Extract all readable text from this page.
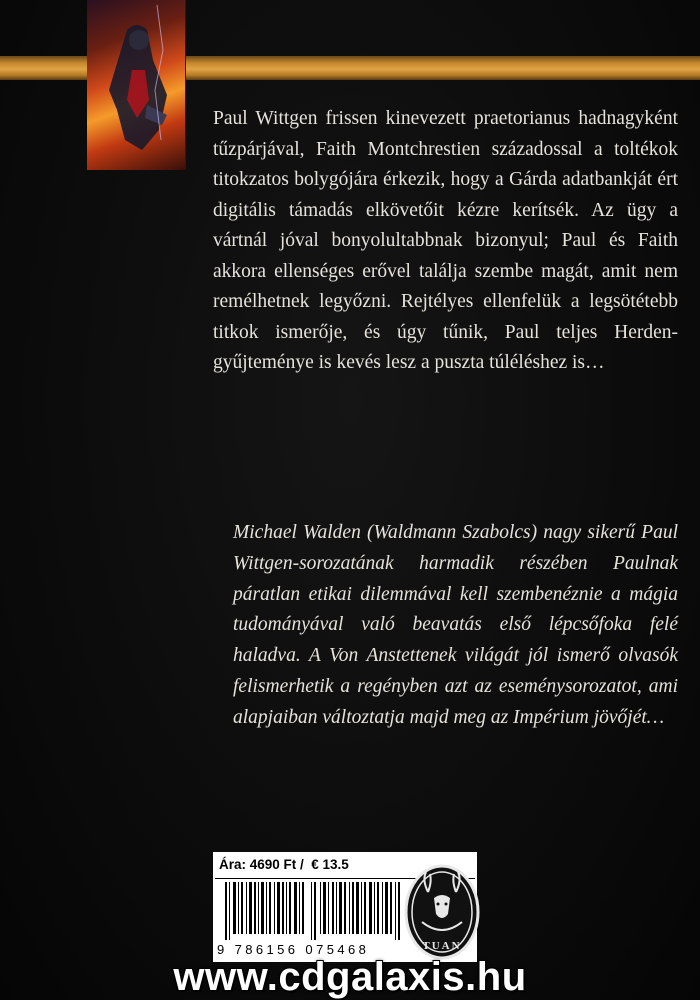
Paul Wittgen frissen kinevezett praetorianus hadnagyként tűzpárjával, Faith Montchrestien századossal a toltékok titokzatos bolygójára érkezik, hogy a Gárda adatbankját ért digitális támadás elkövetőit kézre kerítsék. Az ügy a vártnál jóval bonyolultabbnak bizonyul; Paul és Faith akkora ellenséges erővel találja szembe magát, amit nem remélhetnek legyőzni. Rejtélyes ellenfelük a legsötétebb titkok ismerője, és úgy tűnik, Paul teljes Herden-gyűjteménye is kevés lesz a puszta túléléshez is…

Michael Walden (Waldmann Szabolcs) nagy sikerű Paul Wittgen-sorozatának harmadik részében Paulnak páratlan etikai dilemmával kell szembenéznie a mágia tudományával való beavatás első lépcsőfoka felé haladva. A Von Anstettenek világát jól ismerő olvasók felismerhetik a regényben azt az eseménysorozatot, ami alapjaiban változtatja majd meg az Impérium jövőjét…

Ára: 4690 Ft /  € 13.5
9 786156 075468	TUAN
www.cdgalaxis.hu
